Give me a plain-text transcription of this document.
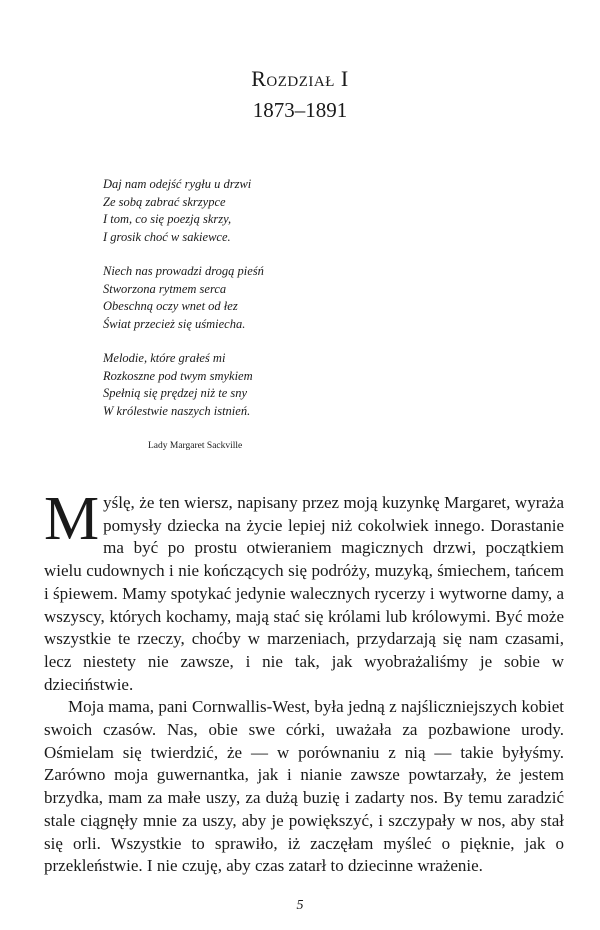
Rozdział I
1873–1891
Daj nam odejść rygłu u drzwi
Ze sobą zabrać skrzypce
I tom, co się poezją skrzy,
I grosik choć w sakiewce.
Niech nas prowadzi drogą pieśń
Stworzona rytmem serca
Obeschną oczy wnet od łez
Świat przecież się uśmiecha.
Melodie, które grałeś mi
Rozkoszne pod twym smykiem
Spełnią się prędzej niż te sny
W królestwie naszych istnień.
Lady Margaret Sackville

Myślę, że ten wiersz, napisany przez moją kuzynkę Margaret, wyraża pomysły dziecka na życie lepiej niż cokolwiek innego. Dorastanie ma być po prostu otwieraniem magicznych drzwi, początkiem wielu cudownych i nie kończących się podróży, muzyką, śmiechem, tańcem i śpiewem. Mamy spotykać jedynie walecznych rycerzy i wytworne damy, a wszyscy, których kochamy, mają stać się królami lub królowymi. Być może wszystkie te rzeczy, choćby w marzeniach, przydarzają się nam czasami, lecz niestety nie zawsze, i nie tak, jak wyobrażaliśmy je sobie w dzieciństwie.

Moja mama, pani Cornwallis-West, była jedną z najśliczniejszych kobiet swoich czasów. Nas, obie swe córki, uważała za pozbawione urody. Ośmielam się twierdzić, że — w porównaniu z nią — takie byłyśmy. Zarówno moja guwernantka, jak i nianie zawsze powtarzały, że jestem brzydka, mam za małe uszy, za dużą buzię i zadarty nos. By temu zaradzić stale ciągnęły mnie za uszy, aby je powiększyć, i szczypały w nos, aby stał się orli. Wszystkie to sprawiło, iż zaczęłam myśleć o pięknie, jak o przekleństwie. I nie czuję, aby czas zatarł to dziecinne wrażenie.

5
